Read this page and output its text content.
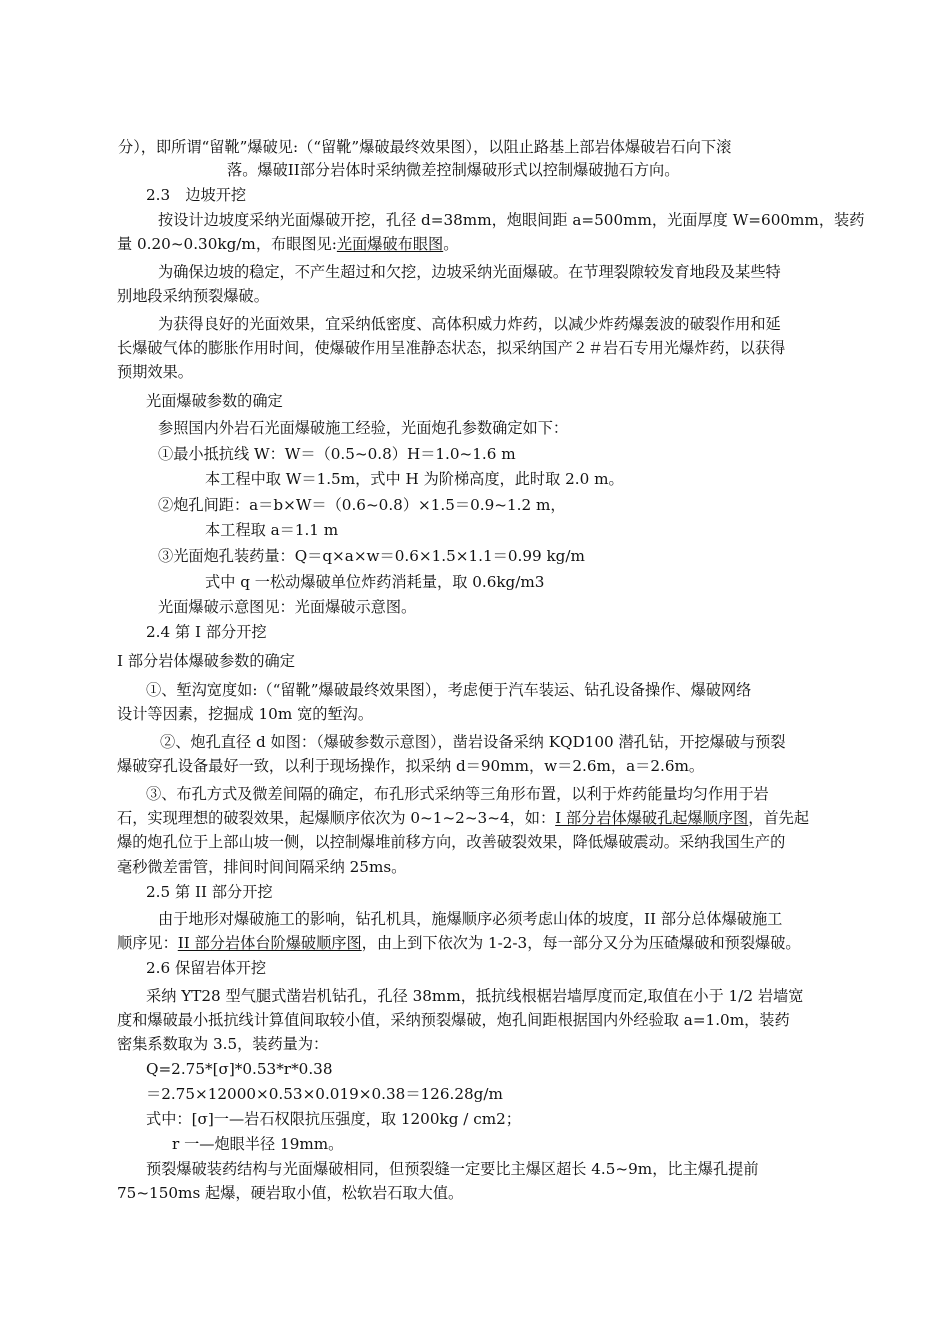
分），即所谓“留靴”爆破见:（“留靴”爆破最终效果图），以阻止路基上部岩体爆破岩石向下滚
落。爆破II部分岩体时采纳微差控制爆破形式以控制爆破抛石方向。
2.3　边坡开挖
按设计边坡度采纳光面爆破开挖，孔径 d=38mm，炮眼间距 a=500mm，光面厚度 W=600mm，装药
量 0.20~0.30kg/m，布眼图见:光面爆破布眼图。
为确保边坡的稳定，不产生超过和欠挖，边坡采纳光面爆破。在节理裂隙较发育地段及某些特
别地段采纳预裂爆破。
为获得良好的光面效果，宜采纳低密度、高体积威力炸药，以减少炸药爆轰波的破裂作用和延
长爆破气体的膨胀作用时间，使爆破作用呈准静态状态，拟采纳国产２＃岩石专用光爆炸药，以获得
预期效果。
光面爆破参数的确定
参照国内外岩石光面爆破施工经验，光面炮孔参数确定如下：
①最小抵抗线 W：W＝（0.5~0.8）H＝1.0~1.6 m
本工程中取 W＝1.5m，式中 H 为阶梯高度，此时取 2.0 m。
②炮孔间距：a＝b×W＝（0.6~0.8）×1.5＝0.9~1.2 m，
本工程取 a＝1.1 m
③光面炮孔装药量：Q＝q×a×w＝0.6×1.5×1.1＝0.99 kg/m
式中 q 一松动爆破单位炸药消耗量，取 0.6kg/m3
光面爆破示意图见：光面爆破示意图。
2.4 第 I 部分开挖
I 部分岩体爆破参数的确定
①、堑沟宽度如:（“留靴”爆破最终效果图），考虑便于汽车装运、钻孔设备操作、爆破网络
设计等因素，挖掘成 10m 宽的堑沟。
②、炮孔直径 d 如图：（爆破参数示意图），凿岩设备采纳 KQD100 潜孔钻，开挖爆破与预裂
爆破穿孔设备最好一致，以利于现场操作，拟采纳 d＝90mm，w＝2.6m，a＝2.6m。
③、布孔方式及微差间隔的确定，布孔形式采纳等三角形布置，以利于炸药能量均匀作用于岩
石，实现理想的破裂效果，起爆顺序依次为 0~1~2~3~4，如：I 部分岩体爆破孔起爆顺序图，首先起
爆的炮孔位于上部山坡一侧，以控制爆堆前移方向，改善破裂效果，降低爆破震动。采纳我国生产的
毫秒微差雷管，排间时间间隔采纳 25ms。
2.5 第 II 部分开挖
由于地形对爆破施工的影响，钻孔机具，施爆顺序必须考虑山体的坡度，II 部分总体爆破施工
顺序见：II 部分岩体台阶爆破顺序图，由上到下依次为 1-2-3，每一部分又分为压碴爆破和预裂爆破。
2.6 保留岩体开挖
采纳 YT28 型气腿式凿岩机钻孔，孔径 38mm，抵抗线根椐岩墙厚度而定,取值在小于 1/2 岩墙宽
度和爆破最小抵抗线计算值间取较小值，采纳预裂爆破，炮孔间距根据国内外经验取 a=1.0m，装药
密集系数取为 3.5，装药量为：
Q=2.75*[σ]*0.53*r*0.38
＝2.75×12000×0.53×0.019×0.38＝126.28g/m
式中：[σ]一—岩石权限抗压强度，取 1200kg / cm2；
r 一—炮眼半径 19mm。
预裂爆破装药结构与光面爆破相同，但预裂缝一定要比主爆区超长 4.5~9m，比主爆孔提前
75~150ms 起爆，硬岩取小值，松软岩石取大值。
